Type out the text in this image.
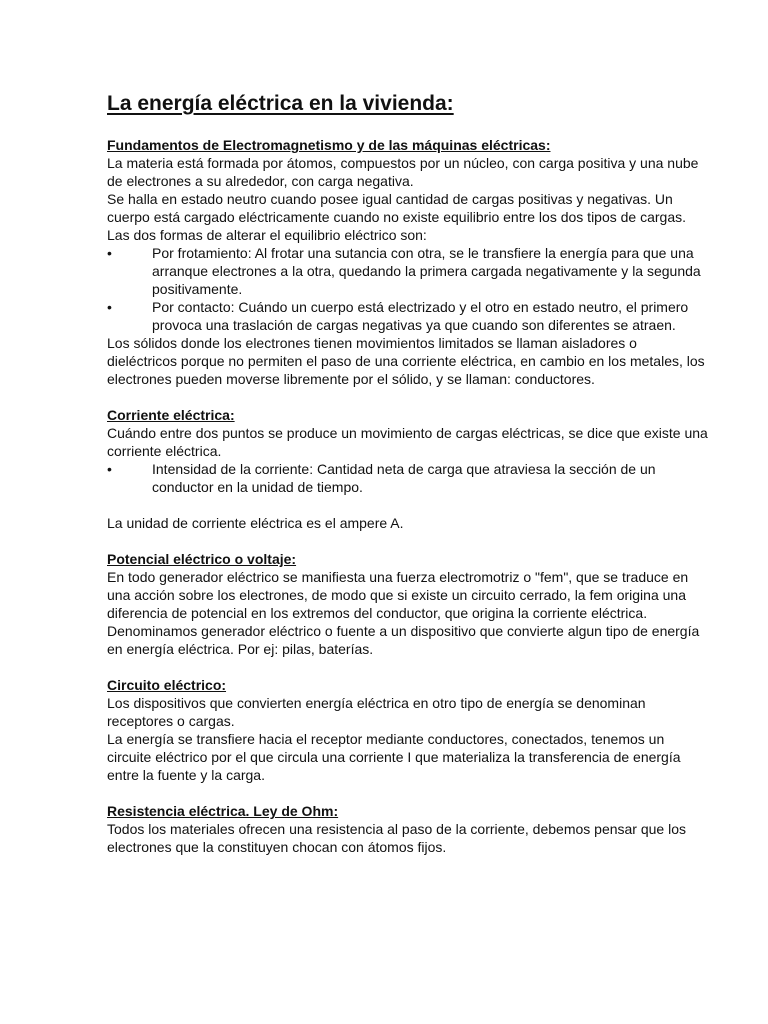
La energía eléctrica en la vivienda:
Fundamentos de Electromagnetismo y de las máquinas eléctricas:

La materia está formada por átomos, compuestos por un núcleo, con carga positiva y una nube de electrones a su alrededor, con carga negativa.

Se halla en estado neutro cuando posee igual cantidad de cargas positivas y negativas. Un cuerpo está cargado eléctricamente cuando no existe equilibrio entre los dos tipos de cargas.

Las dos formas de alterar el equilibrio eléctrico son:

• Por frotamiento: Al frotar una sutancia con otra, se le transfiere la energía para que una arranque electrones a la otra, quedando la primera cargada negativamente y la segunda positivamente.
• Por contacto: Cuándo un cuerpo está electrizado y el otro en estado neutro, el primero provoca una traslación de cargas negativas ya que cuando son diferentes se atraen.

Los sólidos donde los electrones tienen movimientos limitados se llaman aisladores o dieléctricos porque no permiten el paso de una corriente eléctrica, en cambio en los metales, los electrones pueden moverse libremente por el sólido, y se llaman: conductores.

Corriente eléctrica:

Cuándo entre dos puntos se produce un movimiento de cargas eléctricas, se dice que existe una corriente eléctrica.

• Intensidad de la corriente: Cantidad neta de carga que atraviesa la sección de un conductor en la unidad de tiempo.

La unidad de corriente eléctrica es el ampere A.

Potencial eléctrico o voltaje:

En todo generador eléctrico se manifiesta una fuerza electromotriz o "fem", que se traduce en una acción sobre los electrones, de modo que si existe un circuito cerrado, la fem origina una diferencia de potencial en los extremos del conductor, que origina la corriente eléctrica.

Denominamos generador eléctrico o fuente a un dispositivo que convierte algun tipo de energía en energía eléctrica. Por ej: pilas, baterías.

Circuito eléctrico:

Los dispositivos que convierten energía eléctrica en otro tipo de energía se denominan receptores o cargas.

La energía se transfiere hacia el receptor mediante conductores, conectados, tenemos un circuite eléctrico por el que circula una corriente I que materializa la transferencia de energía entre la fuente y la carga.

Resistencia eléctrica. Ley de Ohm:

Todos los materiales ofrecen una resistencia al paso de la corriente, debemos pensar que los electrones que la constituyen chocan con átomos fijos.
